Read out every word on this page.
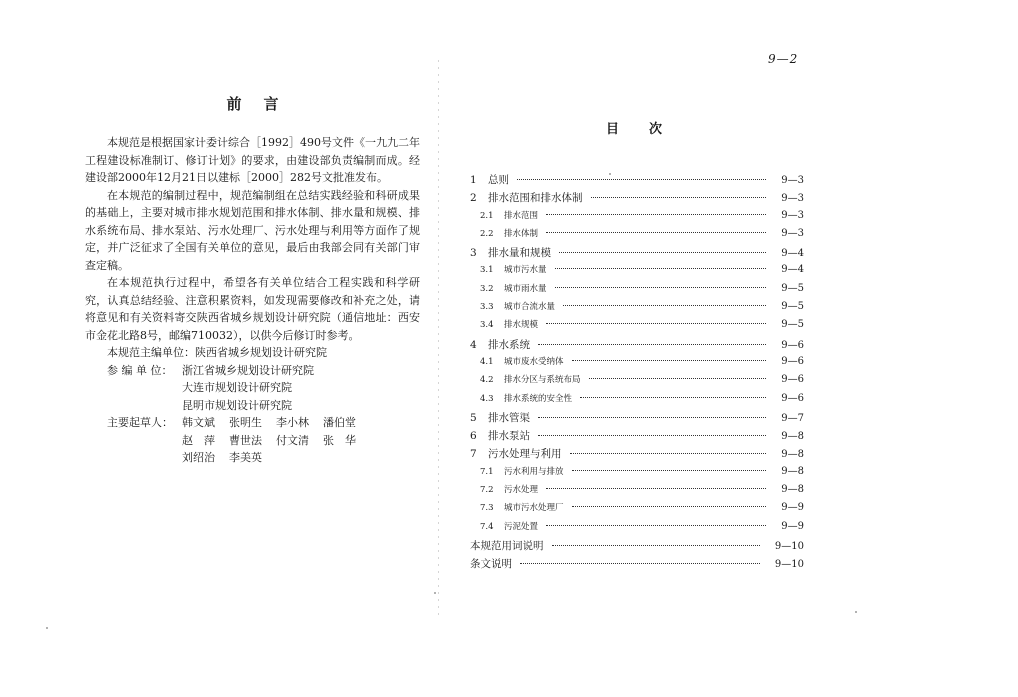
9—2
前言

本规范是根据国家计委计综合［1992］490号文件《一九九二年工程建设标准制订、修订计划》的要求，由建设部负责编制而成。经建设部2000年12月21日以建标［2000］282号文批准发布。

在本规范的编制过程中，规范编制组在总结实践经验和科研成果的基础上，主要对城市排水规划范围和排水体制、排水量和规模、排水系统布局、排水泵站、污水处理厂、污水处理与利用等方面作了规定，并广泛征求了全国有关单位的意见，最后由我部会同有关部门审查定稿。

在本规范执行过程中，希望各有关单位结合工程实践和科学研究，认真总结经验、注意积累资料，如发现需要修改和补充之处，请将意见和有关资料寄交陕西省城乡规划设计研究院（通信地址：西安市金花北路8号，邮编710032），以供今后修订时参考。

本规范主编单位：陕西省城乡规划设计研究院

参 编 单 位： 浙江省城乡规划设计研究院
大连市规划设计研究院
昆明市规划设计研究院
主要起草人： 韩文斌 张明生 李小林 潘伯堂
赵　萍 曹世法 付文清 张　华
刘绍治 李美英
目次
1	总则	9—3
2	排水范围和排水体制	9—3
2.1	排水范围	9—3
2.2	排水体制	9—3
3	排水量和规模	9—4
3.1	城市污水量	9—4
3.2	城市雨水量	9—5
3.3	城市合流水量	9—5
3.4	排水规模	9—5
4	排水系统	9—6
4.1	城市废水受纳体	9—6
4.2	排水分区与系统布局	9—6
4.3	排水系统的安全性	9—6
5	排水管渠	9—7
6	排水泵站	9—8
7	污水处理与利用	9—8
7.1	污水利用与排放	9—8
7.2	污水处理	9—8
7.3	城市污水处理厂	9—9
7.4	污泥处置	9—9
本规范用词说明	9—10
条文说明	9—10
